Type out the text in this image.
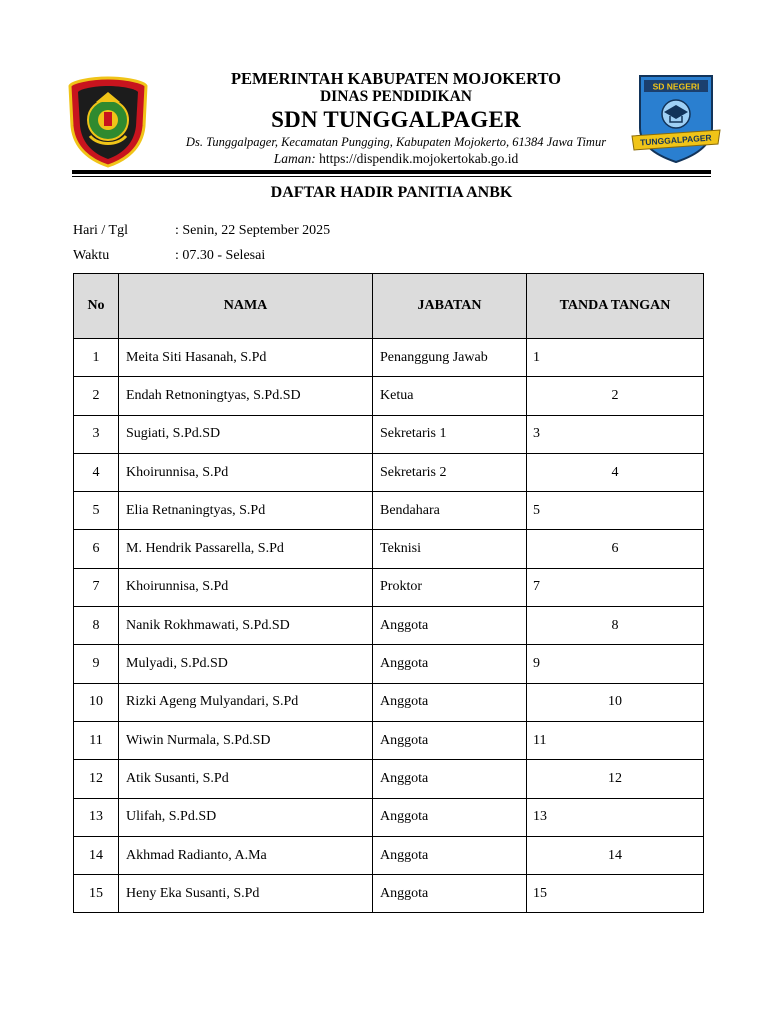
SD NEGERI
TUNGGALPAGER
PEMERINTAH KABUPATEN MOJOKERTO
DINAS PENDIDIKAN
SDN TUNGGALPAGER
Ds. Tunggalpager, Kecamatan Pungging, Kabupaten Mojokerto, 61384 Jawa Timur
Laman: https://dispendik.mojokertokab.go.id
DAFTAR HADIR PANITIA ANBK
Hari / Tgl	: Senin, 22 September 2025
Waktu	: 07.30 - Selesai
No	NAMA	JABATAN	TANDA TANGAN
1	Meita Siti Hasanah, S.Pd	Penanggung Jawab	1
2	Endah Retnoningtyas, S.Pd.SD	Ketua	2
3	Sugiati, S.Pd.SD	Sekretaris 1	3
4	Khoirunnisa, S.Pd	Sekretaris 2	4
5	Elia Retnaningtyas, S.Pd	Bendahara	5
6	M. Hendrik Passarella, S.Pd	Teknisi	6
7	Khoirunnisa, S.Pd	Proktor	7
8	Nanik Rokhmawati, S.Pd.SD	Anggota	8
9	Mulyadi, S.Pd.SD	Anggota	9
10	Rizki Ageng Mulyandari, S.Pd	Anggota	10
11	Wiwin Nurmala, S.Pd.SD	Anggota	11
12	Atik Susanti, S.Pd	Anggota	12
13	Ulifah, S.Pd.SD	Anggota	13
14	Akhmad Radianto, A.Ma	Anggota	14
15	Heny Eka Susanti, S.Pd	Anggota	15
